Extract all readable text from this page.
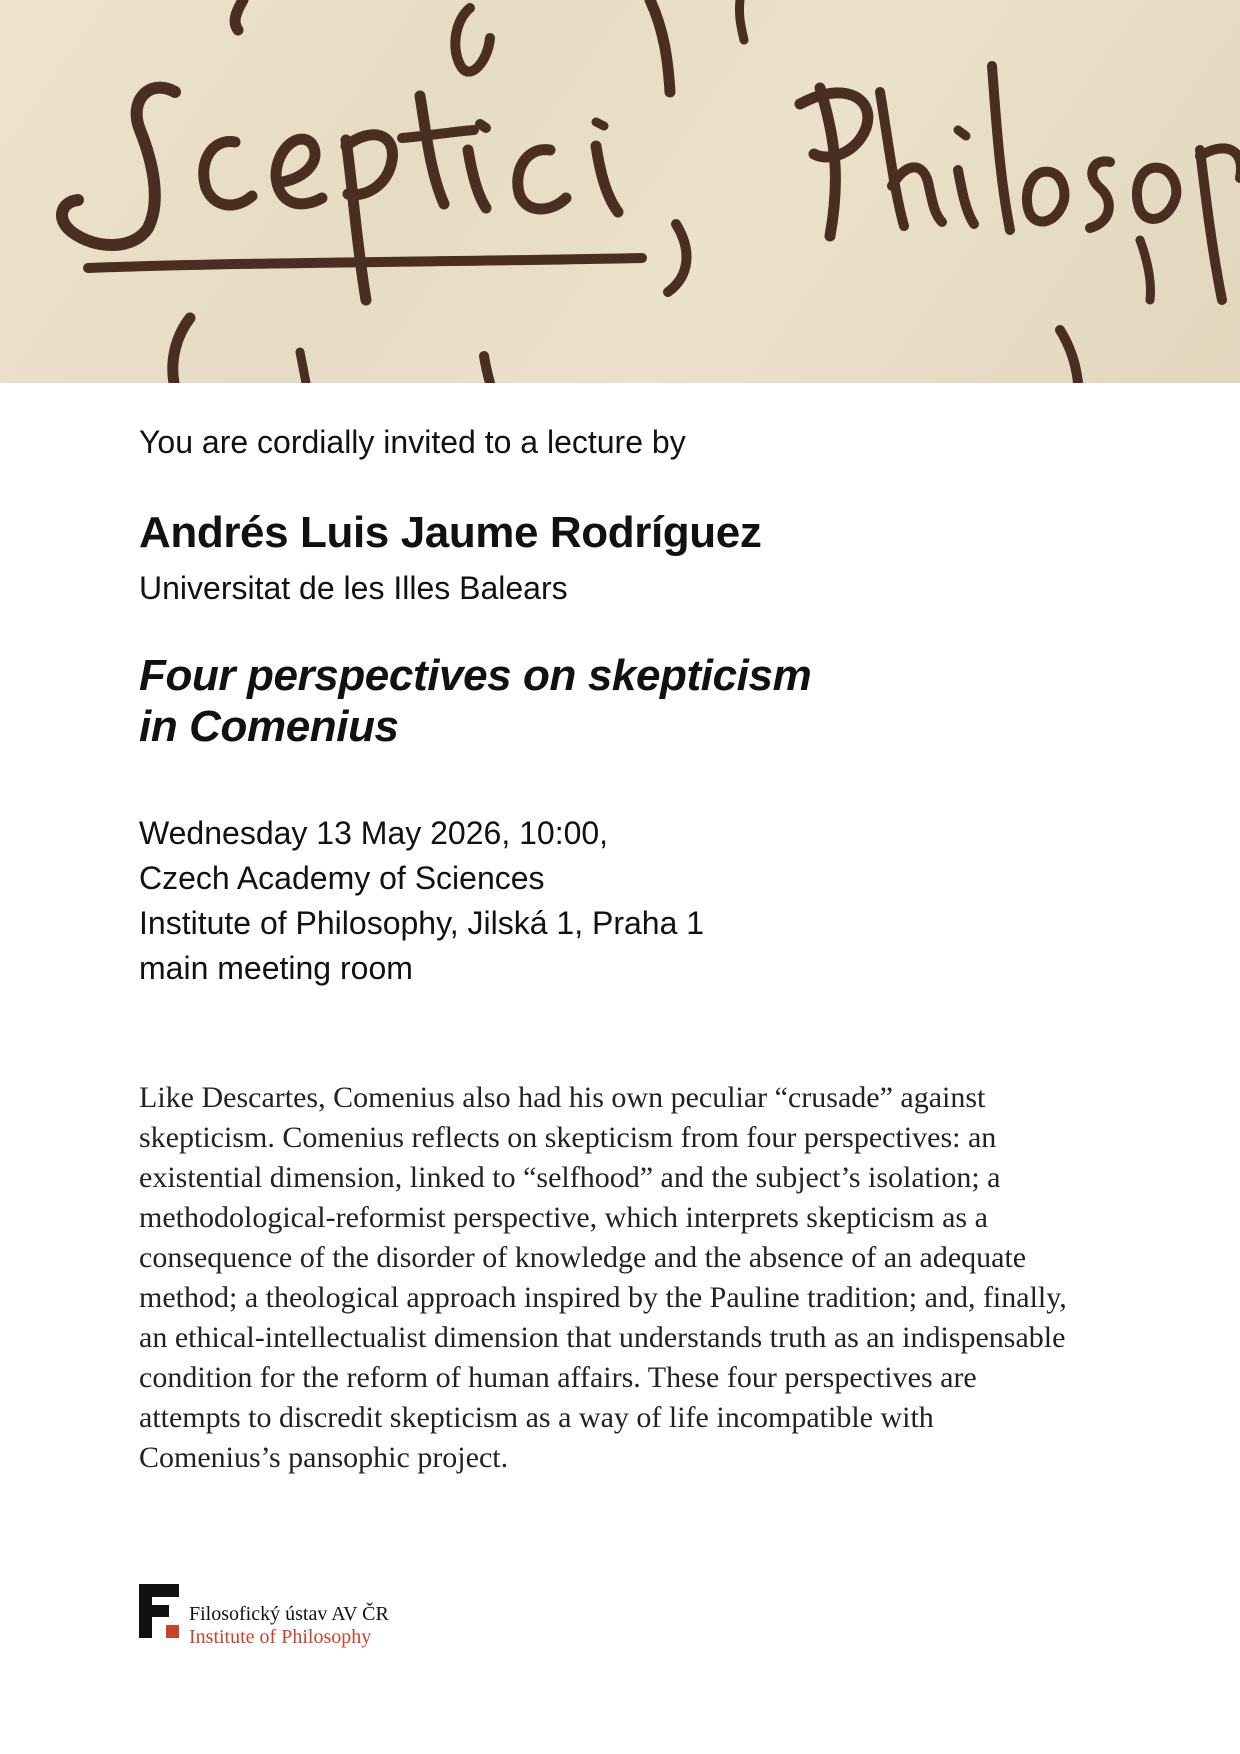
You are cordially invited to a lecture by
Andrés Luis Jaume Rodríguez
Universitat de les Illes Balears
Four perspectives on skepticism
in Comenius
Wednesday 13 May 2026, 10:00,
Czech Academy of Sciences
Institute of Philosophy, Jilská 1, Praha 1
main meeting room
Like Descartes, Comenius also had his own peculiar “crusade” against skepticism. Comenius reflects on skepticism from four perspectives: an existential dimension, linked to “selfhood” and the subject’s isolation; a methodological-reformist perspective, which interprets skepticism as a consequence of the disorder of knowledge and the absence of an adequate method; a theological approach inspired by the Pauline tradition; and, finally, an ethical-intellectualist dimension that understands truth as an indispensable condition for the reform of human affairs. These four perspectives are attempts to discredit skepticism as a way of life incompatible with Comenius’s pansophic project.
Filosofický ústav AV ČR
Institute of Philosophy
